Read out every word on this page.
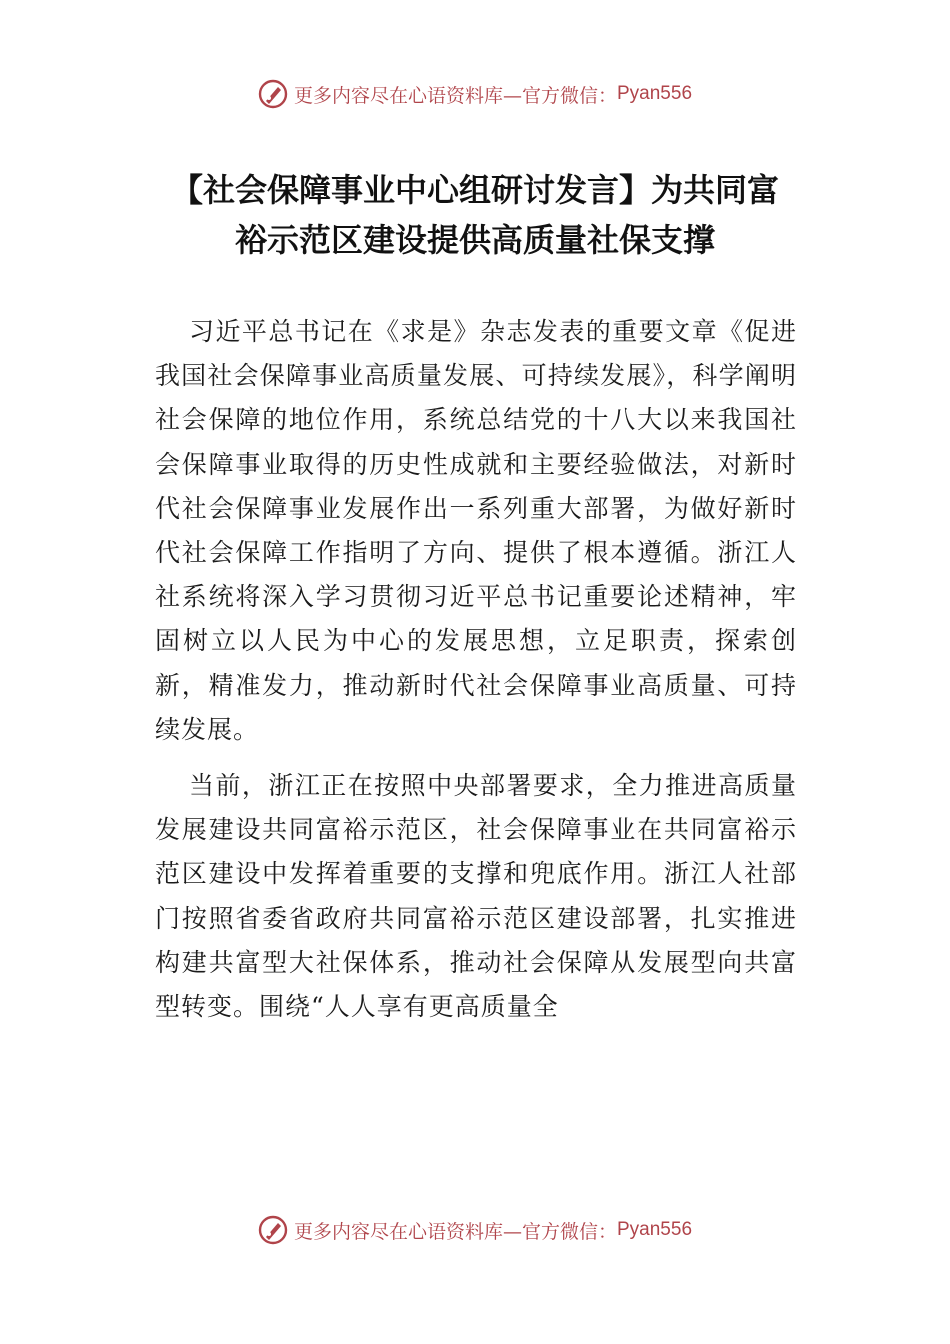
更多内容尽在心语资料库—官方微信： Pyan556
【社会保障事业中心组研讨发言】为共同富
裕示范区建设提供高质量社保支撑

习近平总书记在《求是》杂志发表的重要文章《促进我国社会保障事业高质量发展、可持续发展》，科学阐明社会保障的地位作用，系统总结党的十八大以来我国社会保障事业取得的历史性成就和主要经验做法，对新时代社会保障事业发展作出一系列重大部署，为做好新时代社会保障工作指明了方向、提供了根本遵循。浙江人社系统将深入学习贯彻习近平总书记重要论述精神，牢固树立以人民为中心的发展思想，立足职责，探索创新，精准发力，推动新时代社会保障事业高质量、可持续发展。

当前，浙江正在按照中央部署要求，全力推进高质量发展建设共同富裕示范区，社会保障事业在共同富裕示范区建设中发挥着重要的支撑和兜底作用。浙江人社部门按照省委省政府共同富裕示范区建设部署，扎实推进构建共富型大社保体系，推动社会保障从发展型向共富型转变。围绕“人人享有更高质量全

更多内容尽在心语资料库—官方微信： Pyan556
